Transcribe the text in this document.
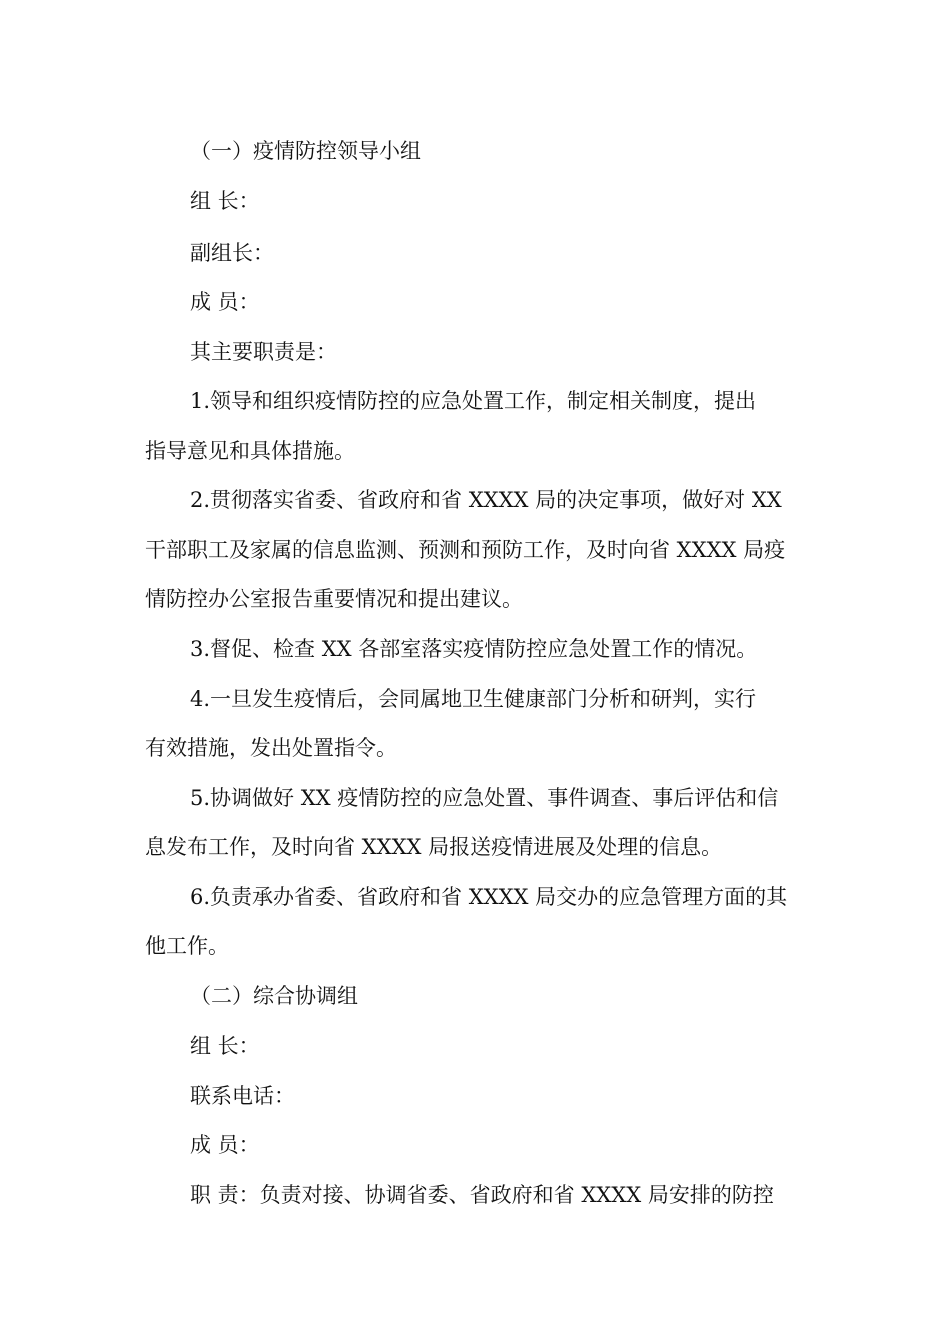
（一）疫情防控领导小组
组 长：
副组长：
成 员：
其主要职责是：
1.领导和组织疫情防控的应急处置工作，制定相关制度，提出
指导意见和具体措施。
2.贯彻落实省委、省政府和省 XXXX 局的决定事项，做好对 XX
干部职工及家属的信息监测、预测和预防工作，及时向省 XXXX 局疫
情防控办公室报告重要情况和提出建议。
3.督促、检查 XX 各部室落实疫情防控应急处置工作的情况。
4.一旦发生疫情后，会同属地卫生健康部门分析和研判，实行
有效措施，发出处置指令。
5.协调做好 XX 疫情防控的应急处置、事件调查、事后评估和信
息发布工作，及时向省 XXXX 局报送疫情进展及处理的信息。
6.负责承办省委、省政府和省 XXXX 局交办的应急管理方面的其
他工作。
（二）综合协调组
组 长：
联系电话：
成 员：
职 责：负责对接、协调省委、省政府和省 XXXX 局安排的防控
